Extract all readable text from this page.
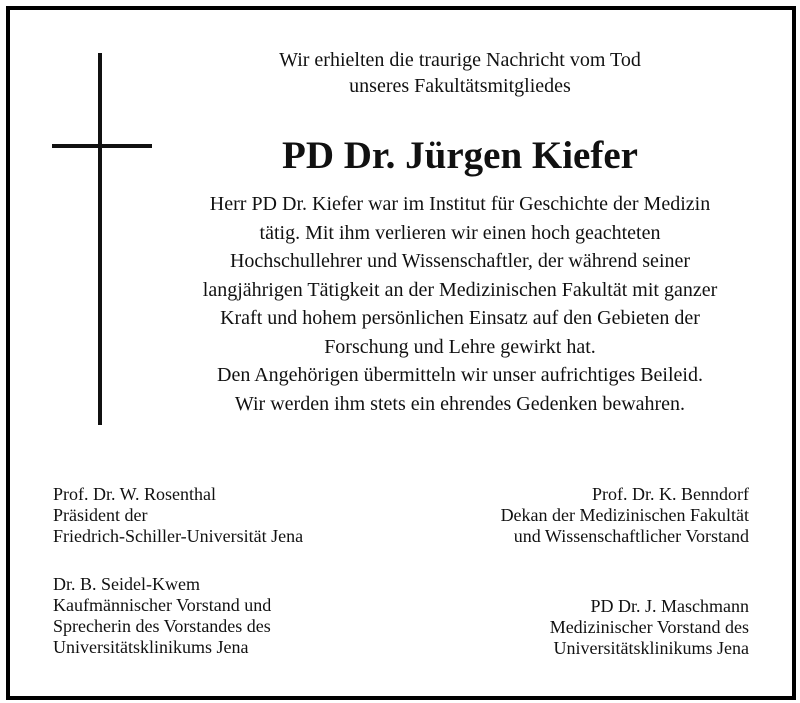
Wir erhielten die traurige Nachricht vom Tod
unseres Fakultätsmitgliedes
PD Dr. Jürgen Kiefer
Herr PD Dr. Kiefer war im Institut für Geschichte der Medizin
tätig. Mit ihm verlieren wir einen hoch geachteten
Hochschullehrer und Wissenschaftler, der während seiner
langjährigen Tätigkeit an der Medizinischen Fakultät mit ganzer
Kraft und hohem persönlichen Einsatz auf den Gebieten der
Forschung und Lehre gewirkt hat.
Den Angehörigen übermitteln wir unser aufrichtiges Beileid.
Wir werden ihm stets ein ehrendes Gedenken bewahren.
Prof. Dr. W. Rosenthal
Präsident der
Friedrich-Schiller-Universität Jena
Dr. B. Seidel-Kwem
Kaufmännischer Vorstand und
Sprecherin des Vorstandes des
Universitätsklinikums Jena
Prof. Dr. K. Benndorf
Dekan der Medizinischen Fakultät
und Wissenschaftlicher Vorstand
PD Dr. J. Maschmann
Medizinischer Vorstand des
Universitätsklinikums Jena
